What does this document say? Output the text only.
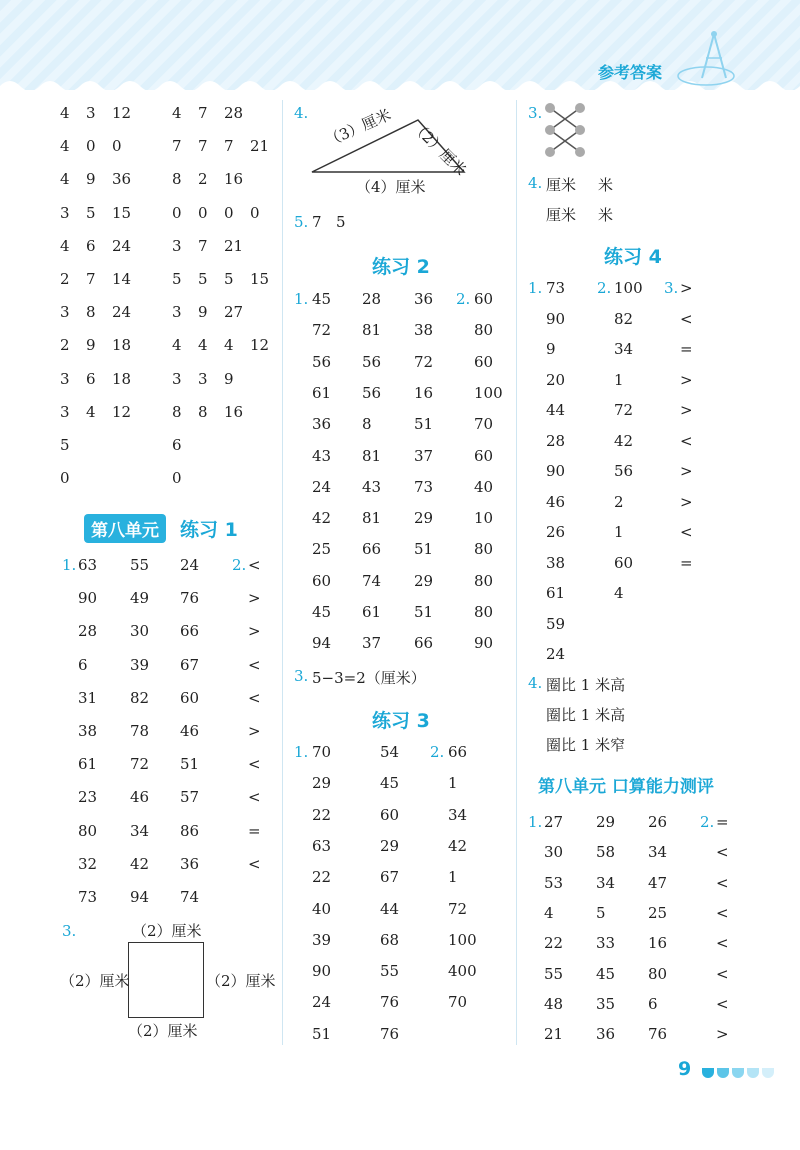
参考答案
4 3 12	4 7 28
4 0 0	7 7 7 21
4 9 36	8 2 16
3 5 15	0 0 0 0
4 6 24	3 7 21
2 7 14	5 5 5 15
3 8 24	3 9 27
2 9 18	4 4 4 12
3 6 18	3 3 9
3 4 12	8 8 16
5	6
0	0
第八单元 练习 1
1.	2.
63 55 24	<
90 49 76	>
28 30 66	>
6	39 67	<
31 82 60	<
38 78 46	>
61 72 51	<
23 46 57	<
80 34 86	=
32 42 36	<
73 94 74
3.	（2）厘米
（2）厘米	（2）厘米
（2）厘米
4. （3）厘米 （2）厘米
（4）厘米
5. 7 5
练习 2
1.	2.
45 28 36	60
72 81 38	80
56 56 72	60
61 56 16	100
36 8	51	70
43 81 37	60
24 43 73	40
42 81 29	10
25 66 51	80
60 74 29	80
45 61 51	80
94 37 66	90
3. 5−3=2（厘米）
练习 3
1.	2.
70	54	66
29	45	1
22	60	34
63	29	42
22	67	1
40	44	72
39	68	100
90	55	400
24	76	70
51	76
3.
4. 厘米 米
厘米 米
练习 4
1.	2.	3.
73	100 >
90	82	<
9	34	=
20	1	>
44	72	>
28	42	<
90	56	>
46	2	>
26	1	<
38	60	=
61	4
59
24
4. 圈比 1 米高
圈比 1 米高
圈比 1 米窄
第八单元 口算能力测评
1.	2.
27 29 26	=
30 58 34	<
53 34 47	<
4	5	25	<
22 33 16	<
55 45 80	<
48 35 6	<
21 36 76	>
9
